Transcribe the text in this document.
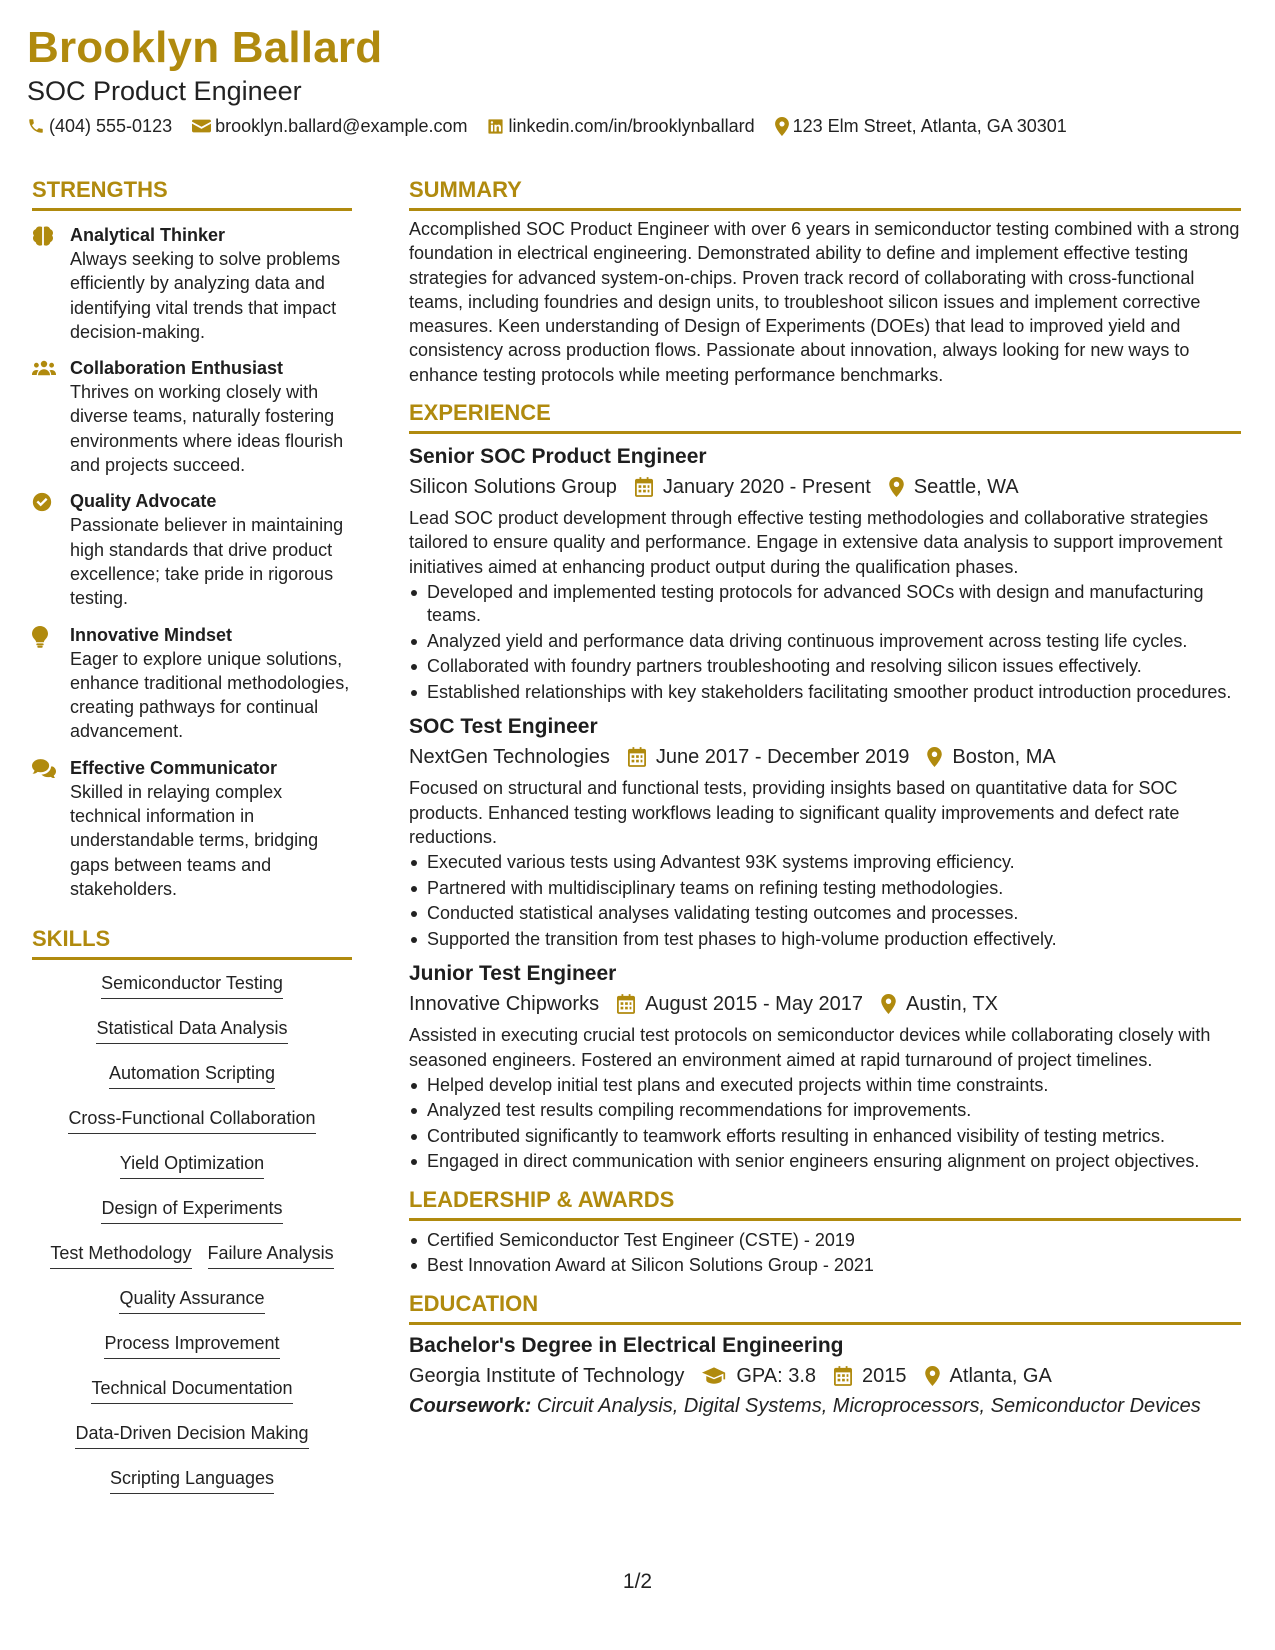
Brooklyn Ballard
SOC Product Engineer
(404) 555-0123 brooklyn.ballard@example.com linkedin.com/in/brooklynballard 123 Elm Street, Atlanta, GA 30301
STRENGTHS
Analytical Thinker
Always seeking to solve problems efficiently by analyzing data and identifying vital trends that impact decision-making.
Collaboration Enthusiast
Thrives on working closely with diverse teams, naturally fostering environments where ideas flourish and projects succeed.
Quality Advocate
Passionate believer in maintaining high standards that drive product excellence; take pride in rigorous testing.
Innovative Mindset
Eager to explore unique solutions, enhance traditional methodologies, creating pathways for continual advancement.
Effective Communicator
Skilled in relaying complex technical information in understandable terms, bridging gaps between teams and stakeholders.
SKILLS
Semiconductor Testing
Statistical Data Analysis
Automation Scripting
Cross-Functional Collaboration
Yield Optimization
Design of Experiments
Test Methodology Failure Analysis
Quality Assurance
Process Improvement
Technical Documentation
Data-Driven Decision Making
Scripting Languages
SUMMARY
Accomplished SOC Product Engineer with over 6 years in semiconductor testing combined with a strong foundation in electrical engineering. Demonstrated ability to define and implement effective testing strategies for advanced system-on-chips. Proven track record of collaborating with cross-functional teams, including foundries and design units, to troubleshoot silicon issues and implement corrective measures. Keen understanding of Design of Experiments (DOEs) that lead to improved yield and consistency across production flows. Passionate about innovation, always looking for new ways to enhance testing protocols while meeting performance benchmarks.
EXPERIENCE
Senior SOC Product Engineer
Silicon Solutions Group January 2020 - Present Seattle, WA
Lead SOC product development through effective testing methodologies and collaborative strategies tailored to ensure quality and performance. Engage in extensive data analysis to support improvement initiatives aimed at enhancing product output during the qualification phases.
Developed and implemented testing protocols for advanced SOCs with design and manufacturing teams.
Analyzed yield and performance data driving continuous improvement across testing life cycles.
Collaborated with foundry partners troubleshooting and resolving silicon issues effectively.
Established relationships with key stakeholders facilitating smoother product introduction procedures.
SOC Test Engineer
NextGen Technologies June 2017 - December 2019 Boston, MA
Focused on structural and functional tests, providing insights based on quantitative data for SOC products. Enhanced testing workflows leading to significant quality improvements and defect rate reductions.
Executed various tests using Advantest 93K systems improving efficiency.
Partnered with multidisciplinary teams on refining testing methodologies.
Conducted statistical analyses validating testing outcomes and processes.
Supported the transition from test phases to high-volume production effectively.
Junior Test Engineer
Innovative Chipworks August 2015 - May 2017 Austin, TX
Assisted in executing crucial test protocols on semiconductor devices while collaborating closely with seasoned engineers. Fostered an environment aimed at rapid turnaround of project timelines.
Helped develop initial test plans and executed projects within time constraints.
Analyzed test results compiling recommendations for improvements.
Contributed significantly to teamwork efforts resulting in enhanced visibility of testing metrics.
Engaged in direct communication with senior engineers ensuring alignment on project objectives.
LEADERSHIP & AWARDS
Certified Semiconductor Test Engineer (CSTE) - 2019
Best Innovation Award at Silicon Solutions Group - 2021
EDUCATION
Bachelor's Degree in Electrical Engineering
Georgia Institute of Technology	GPA: 3.8 2015 Atlanta, GA
Coursework: Circuit Analysis, Digital Systems, Microprocessors, Semiconductor Devices
1/2
